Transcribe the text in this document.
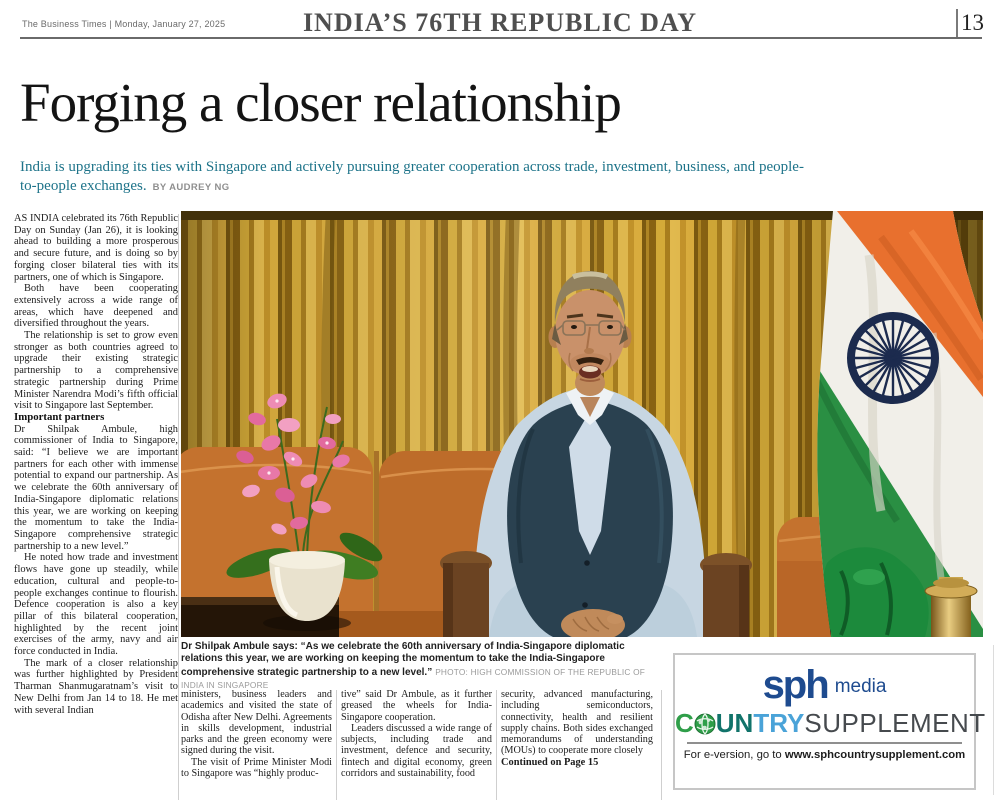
The Business Times | Monday, January 27, 2025	INDIA’S 76TH REPUBLIC DAY	13
Forging a closer relationship
India is upgrading its ties with Singapore and actively pursuing greater cooperation across trade, investment, business, and people-to-people exchanges. BY AUDREY NG

AS INDIA celebrated its 76th Republic Day on Sunday (Jan 26), it is looking ahead to building a more prosperous and secure future, and is doing so by forging closer bilateral ties with its partners, one of which is Singapore.

Both have been cooperating extensively across a wide range of areas, which have deepened and diversified throughout the years.

The relationship is set to grow even stronger as both countries agreed to upgrade their existing strategic partnership to a comprehensive strategic partnership during Prime Minister Narendra Modi’s fifth official visit to Singapore last September.

Important partners

Dr Shilpak Ambule, high commissioner of India to Singapore, said: “I believe we are important partners for each other with immense potential to expand our partnership. As we celebrate the 60th anniversary of India-Singapore diplomatic relations this year, we are working on keeping the momentum to take the India-Singapore comprehensive strategic partnership to a new level.”

He noted how trade and investment flows have gone up steadily, while education, cultural and people-to-people exchanges continue to flourish. Defence cooperation is also a key pillar of this bilateral cooperation, highlighted by the recent joint exercises of the army, navy and air force conducted in India.

The mark of a closer relationship was further highlighted by President Tharman Shanmugaratnam’s visit to New Delhi from Jan 14 to 18. He met with several Indian

Dr Shilpak Ambule says: “As we celebrate the 60th anniversary of India-Singapore diplomatic relations this year, we are working on keeping the momentum to take the India-Singapore comprehensive strategic partnership to a new level.” PHOTO: HIGH COMMISSION OF THE REPUBLIC OF INDIA IN SINGAPORE

ministers, business leaders and academics and visited the state of Odisha after New Delhi. Agreements in skills development, industrial parks and the green economy were signed during the visit.

The visit of Prime Minister Modi to Singapore was “highly produc-

tive” said Dr Ambule, as it further greased the wheels for India-Singapore cooperation.

Leaders discussed a wide range of subjects, including trade and investment, defence and security, fintech and digital economy, green corridors and sustainability, food

security, advanced manufacturing, including semiconductors, connectivity, health and resilient supply chains. Both sides exchanged memorandums of understanding (MOUs) to cooperate more closely

Continued on Page 15

sph media
C UNTRYSUPPLEMENT
For e-version, go to www.sphcountrysupplement.com
